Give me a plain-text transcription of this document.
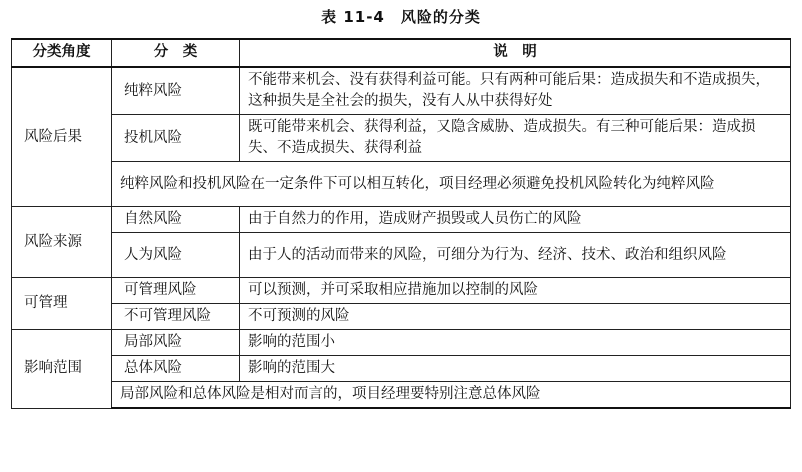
表 11-4　风险的分类
分类角度	分　类	说　明
风险后果	纯粹风险	不能带来机会、没有获得利益可能。只有两种可能后果：造成损失和不造成损失，这种损失是全社会的损失，没有人从中获得好处
	投机风险	既可能带来机会、获得利益，又隐含威胁、造成损失。有三种可能后果：造成损失、不造成损失、获得利益
	纯粹风险和投机风险在一定条件下可以相互转化，项目经理必须避免投机风险转化为纯粹风险	
风险来源	自然风险	由于自然力的作用，造成财产损毁或人员伤亡的风险
	人为风险	由于人的活动而带来的风险，可细分为行为、经济、技术、政治和组织风险
可管理	可管理风险	可以预测，并可采取相应措施加以控制的风险
	不可管理风险	不可预测的风险
影响范围	局部风险	影响的范围小
	总体风险	影响的范围大
	局部风险和总体风险是相对而言的，项目经理要特别注意总体风险	
